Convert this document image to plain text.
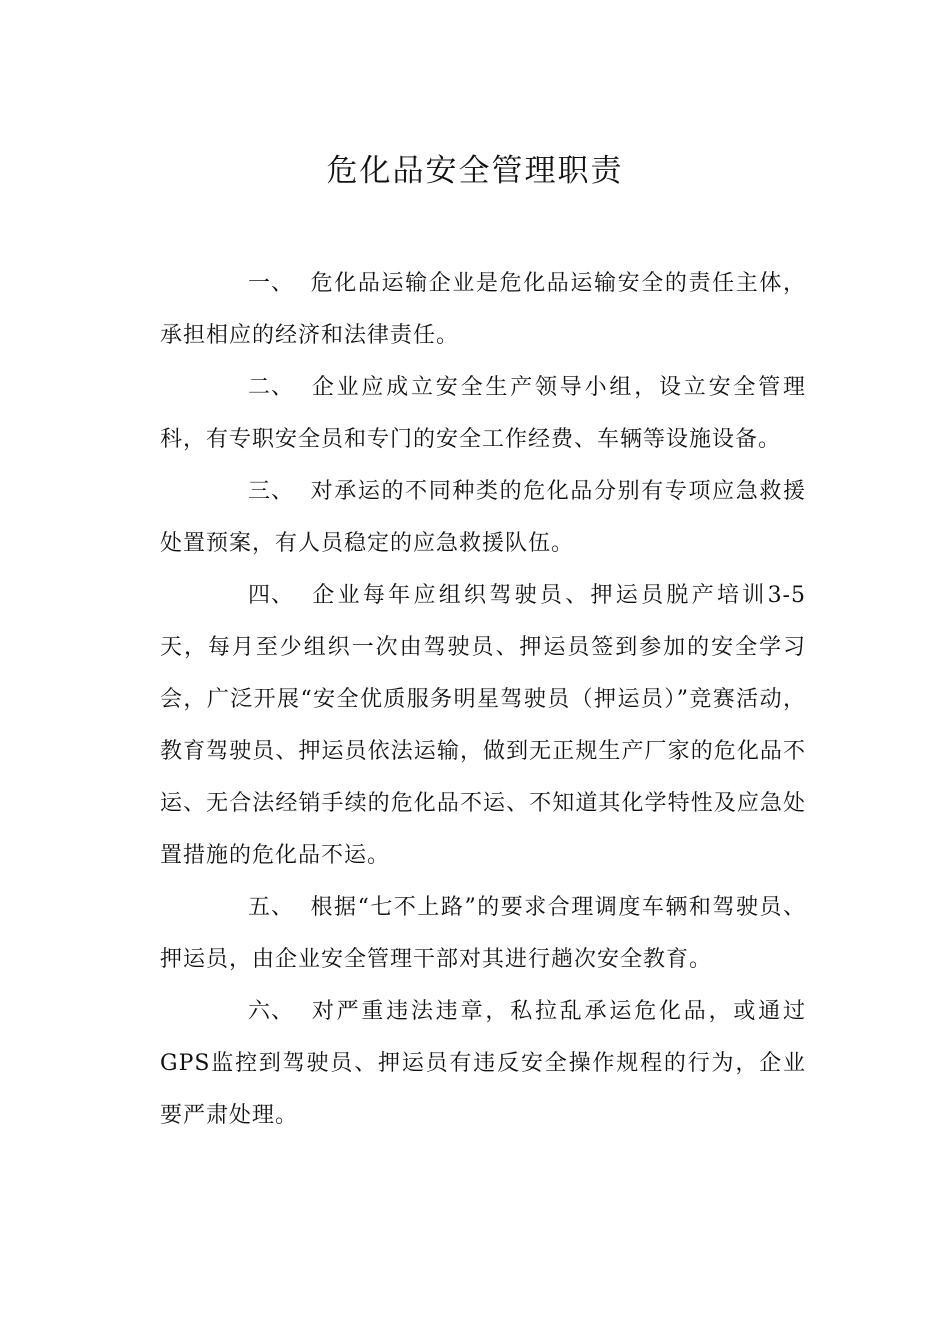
危化品安全管理职责

一、 危化品运输企业是危化品运输安全的责任主体，承担相应的经济和法律责任。

二、 企业应成立安全生产领导小组，设立安全管理科，有专职安全员和专门的安全工作经费、车辆等设施设备。

三、 对承运的不同种类的危化品分别有专项应急救援处置预案，有人员稳定的应急救援队伍。

四、 企业每年应组织驾驶员、押运员脱产培训3-5天，每月至少组织一次由驾驶员、押运员签到参加的安全学习会，广泛开展“安全优质服务明星驾驶员（押运员）”竞赛活动，教育驾驶员、押运员依法运输，做到无正规生产厂家的危化品不运、无合法经销手续的危化品不运、不知道其化学特性及应急处置措施的危化品不运。

五、 根据“七不上路”的要求合理调度车辆和驾驶员、押运员，由企业安全管理干部对其进行趟次安全教育。

六、 对严重违法违章，私拉乱承运危化品，或通过GPS监控到驾驶员、押运员有违反安全操作规程的行为，企业要严肃处理。
